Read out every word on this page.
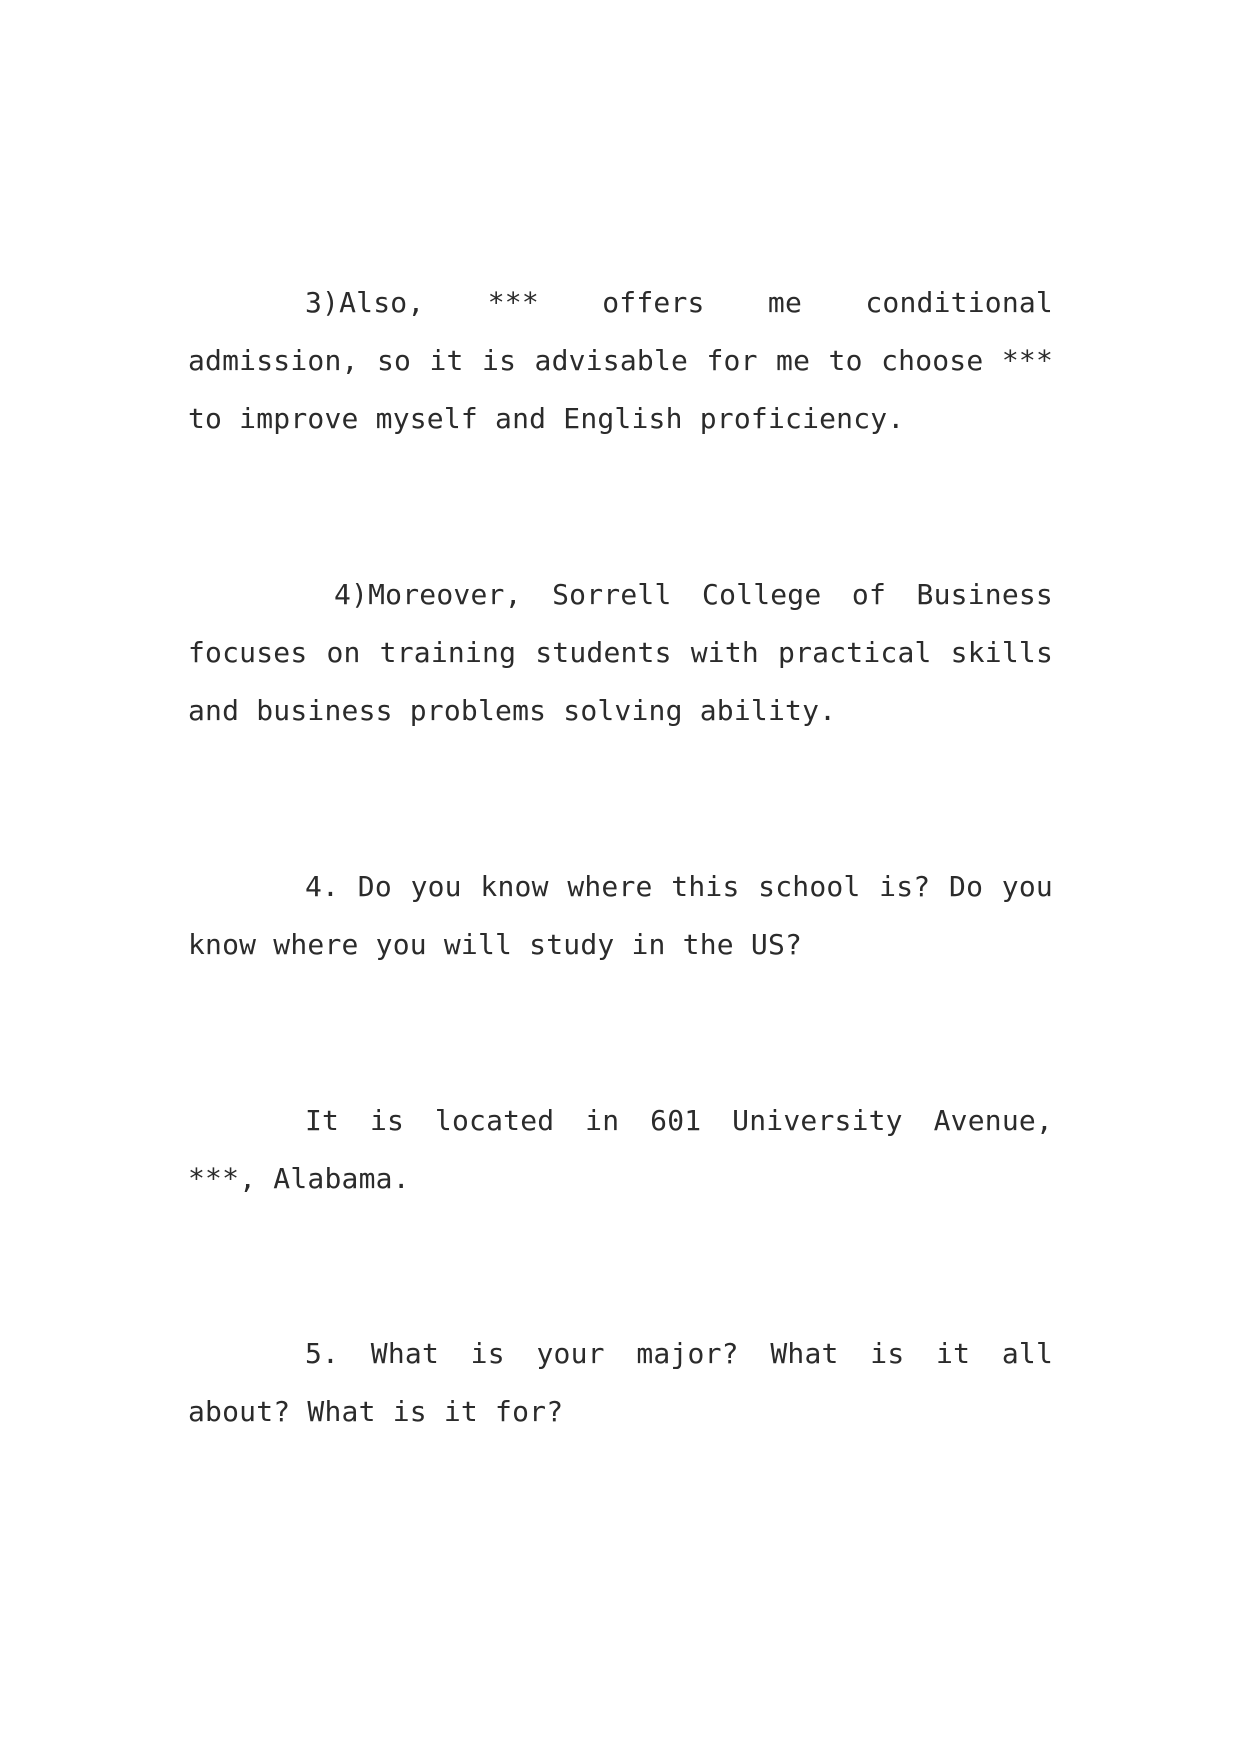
3)Also, *** offers me conditional admission, so it is advisable for me to choose *** to improve myself and English proficiency.

4)Moreover, Sorrell College of Business focuses on training students with practical skills and business problems solving ability.

4. Do you know where this school is? Do you know where you will study in the US?

It is located in 601 University Avenue, ***, Alabama.

5. What is your major? What is it all about? What is it for?
